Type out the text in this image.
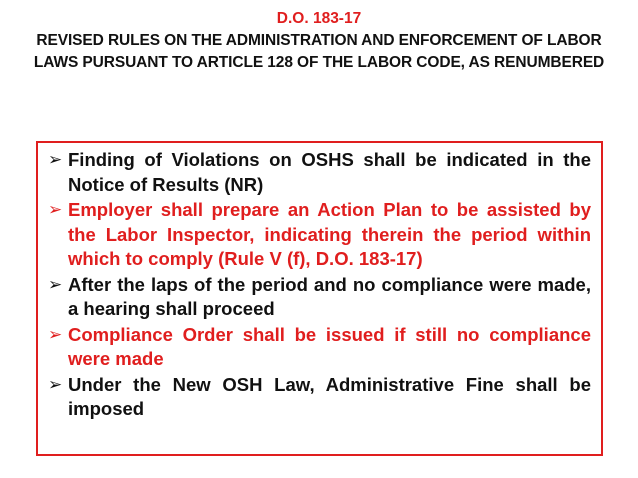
D.O. 183-17
REVISED RULES ON THE ADMINISTRATION AND ENFORCEMENT OF LABOR LAWS PURSUANT TO ARTICLE 128 OF THE LABOR CODE, AS RENUMBERED
➢ Finding of Violations on OSHS shall be indicated in the Notice of Results (NR)
➢ Employer shall prepare an Action Plan to be assisted by the Labor Inspector, indicating therein the period within which to comply (Rule V (f), D.O. 183-17)
➢ After the laps of the period and no compliance were made, a hearing shall proceed
➢ Compliance Order shall be issued if still no compliance were made
➢ Under the New OSH Law, Administrative Fine shall be imposed
